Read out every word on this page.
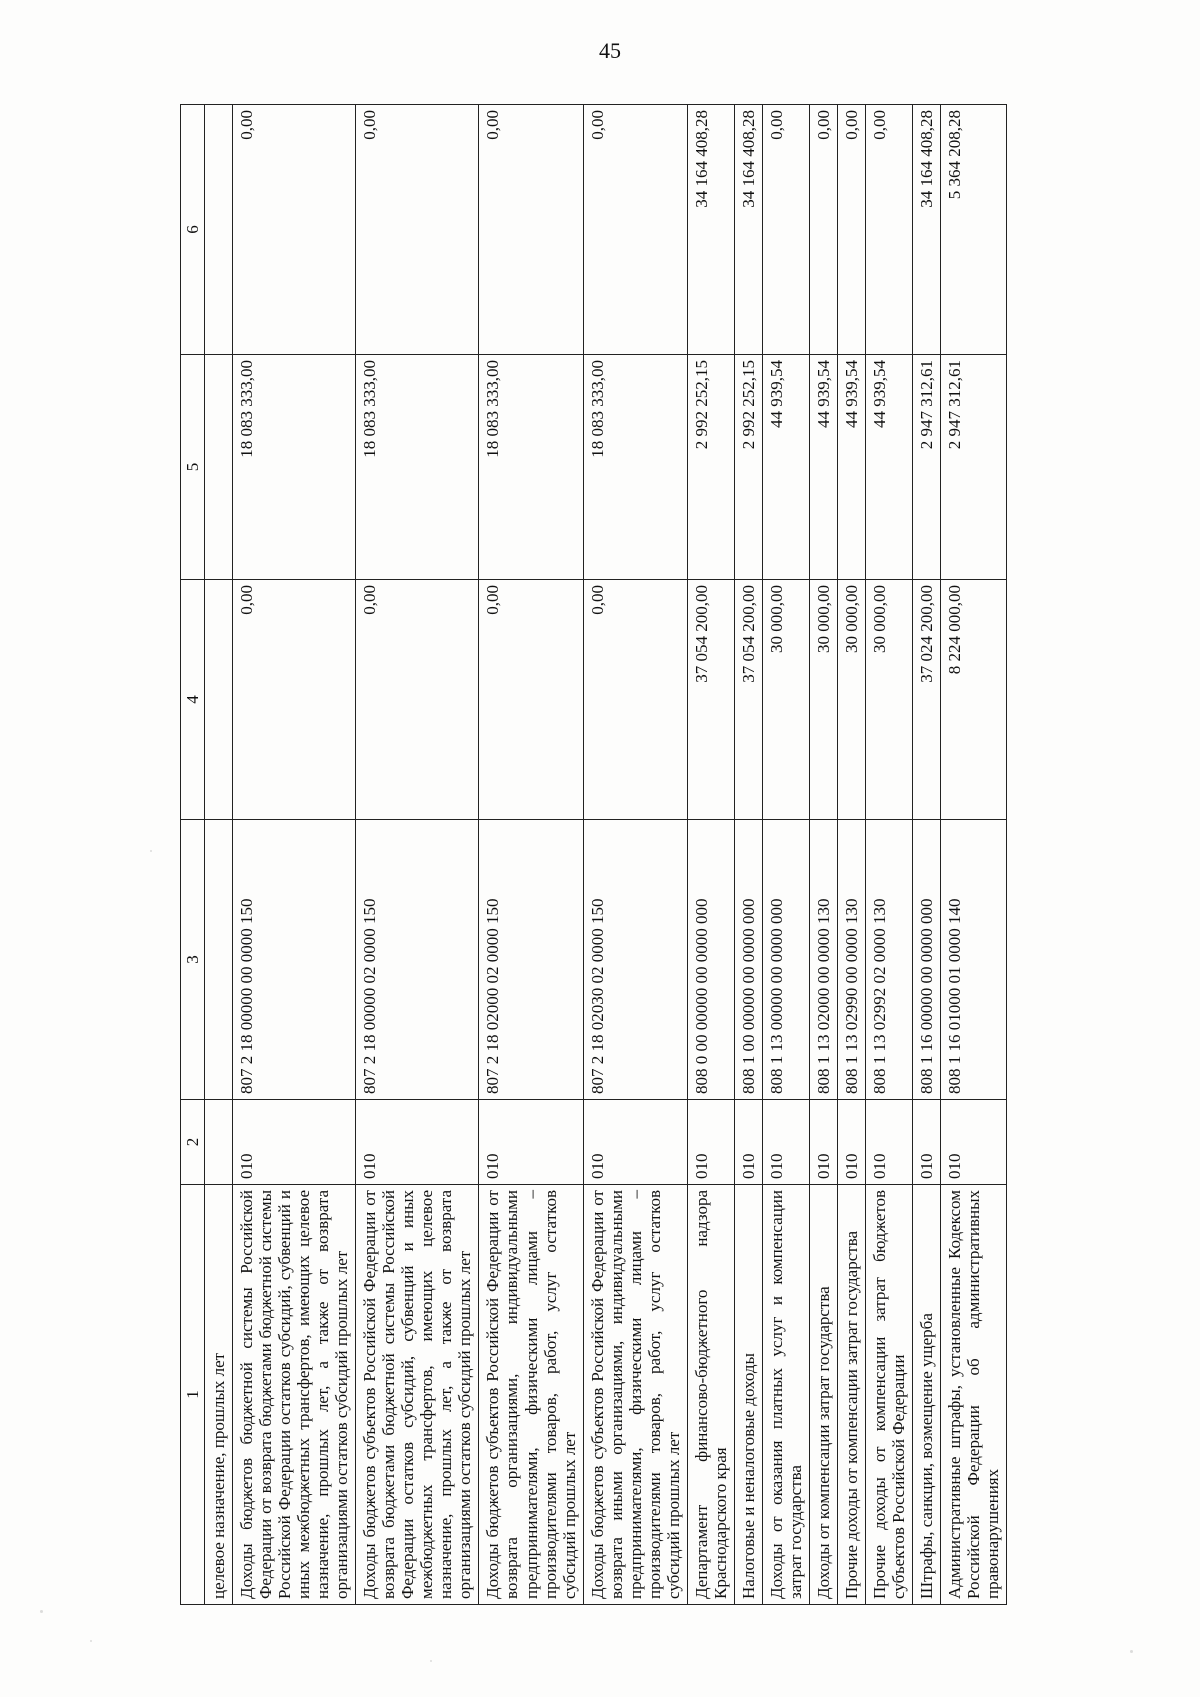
45
1	2	3	4	5	6
целевое назначение, прошлых лет					
Доходы бюджетов бюджетной системы Российской Федерации от возврата бюджетами бюджетной системы Российской Федерации остатков субсидий, субвенций и иных межбюджетных трансфертов, имеющих целевое назначение, прошлых лет, а также от возврата организациями остатков субсидий прошлых лет	010	807 2 18 00000 00 0000 150	0,00	18 083 333,00	0,00
Доходы бюджетов субъектов Российской Федерации от возврата бюджетами бюджетной системы Российской Федерации остатков субсидий, субвенций и иных межбюджетных трансфертов, имеющих целевое назначение, прошлых лет, а также от возврата организациями остатков субсидий прошлых лет	010	807 2 18 00000 02 0000 150	0,00	18 083 333,00	0,00
Доходы бюджетов субъектов Российской Федерации от возврата организациями, индивидуальными предпринимателями, физическими лицами – производителями товаров, работ, услуг остатков субсидий прошлых лет	010	807 2 18 02000 02 0000 150	0,00	18 083 333,00	0,00
Доходы бюджетов субъектов Российской Федерации от возврата иными организациями, индивидуальными предпринимателями, физическими лицами – производителями товаров, работ, услуг остатков субсидий прошлых лет	010	807 2 18 02030 02 0000 150	0,00	18 083 333,00	0,00
Департамент финансово-бюджетного надзора Краснодарского края	010	808 0 00 00000 00 0000 000	37 054 200,00	2 992 252,15	34 164 408,28
Налоговые и неналоговые доходы	010	808 1 00 00000 00 0000 000	37 054 200,00	2 992 252,15	34 164 408,28
Доходы от оказания платных услуг и компенсации затрат государства	010	808 1 13 00000 00 0000 000	30 000,00	44 939,54	0,00
Доходы от компенсации затрат государства	010	808 1 13 02000 00 0000 130	30 000,00	44 939,54	0,00
Прочие доходы от компенсации затрат государства	010	808 1 13 02990 00 0000 130	30 000,00	44 939,54	0,00
Прочие доходы от компенсации затрат бюджетов субъектов Российской Федерации	010	808 1 13 02992 02 0000 130	30 000,00	44 939,54	0,00
Штрафы, санкции, возмещение ущерба	010	808 1 16 00000 00 0000 000	37 024 200,00	2 947 312,61	34 164 408,28
Административные штрафы, установленные Кодексом Российской Федерации об административных правонарушениях	010	808 1 16 01000 01 0000 140	8 224 000,00	2 947 312,61	5 364 208,28
